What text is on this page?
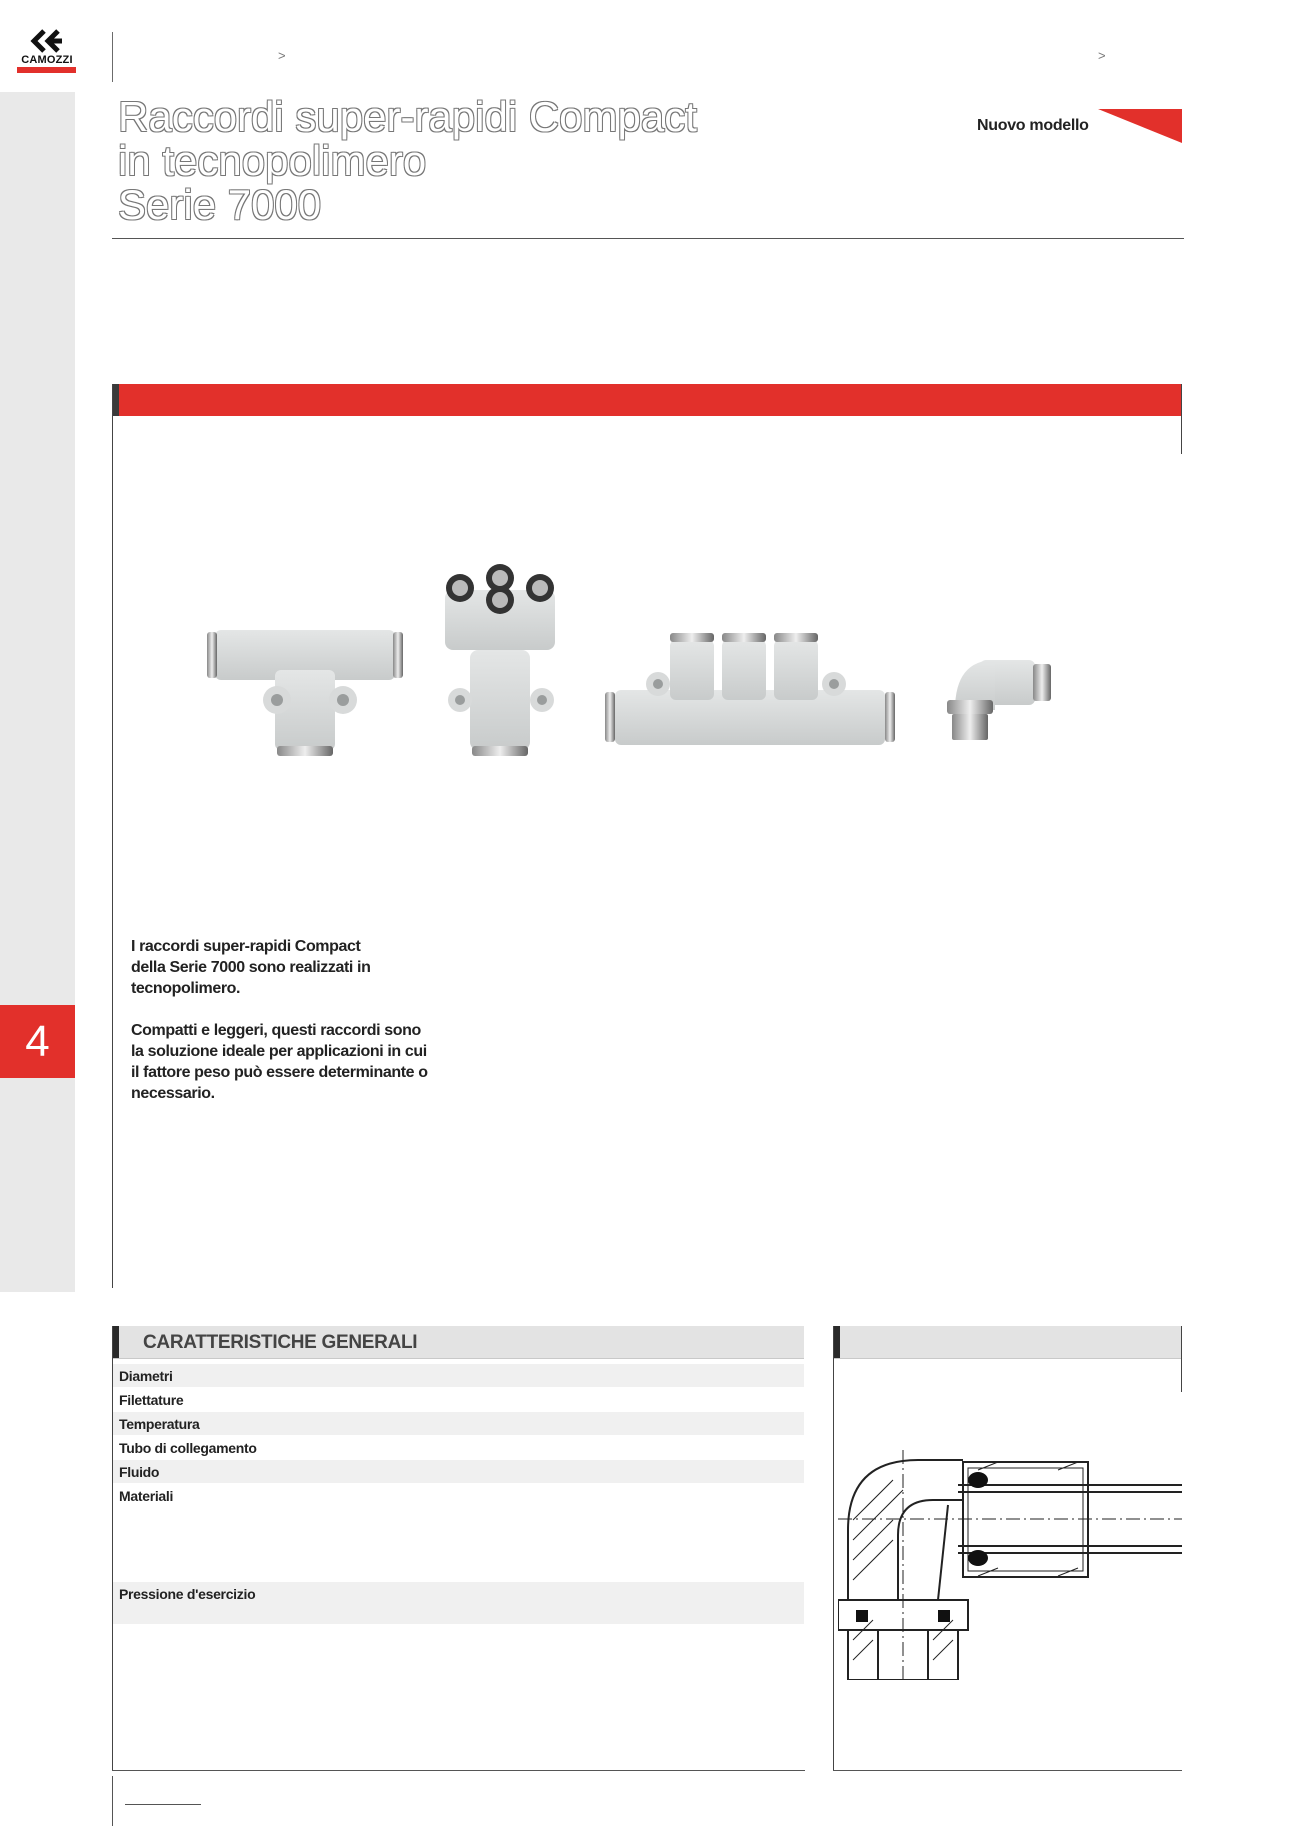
CAMOZZI	>	>
4
Raccordi super-rapidi Compact
in tecnopolimero
Serie 7000
Nuovo modello

I raccordi super-rapidi Compact
della Serie 7000 sono realizzati in
tecnopolimero.

Compatti e leggeri, questi raccordi sono
la soluzione ideale per applicazioni in cui
il fattore peso può essere determinante o
necessario.

CARATTERISTICHE GENERALI
Diametri
Filettature
Temperatura
Tubo di collegamento
Fluido
Materiali
Pressione d'esercizio
